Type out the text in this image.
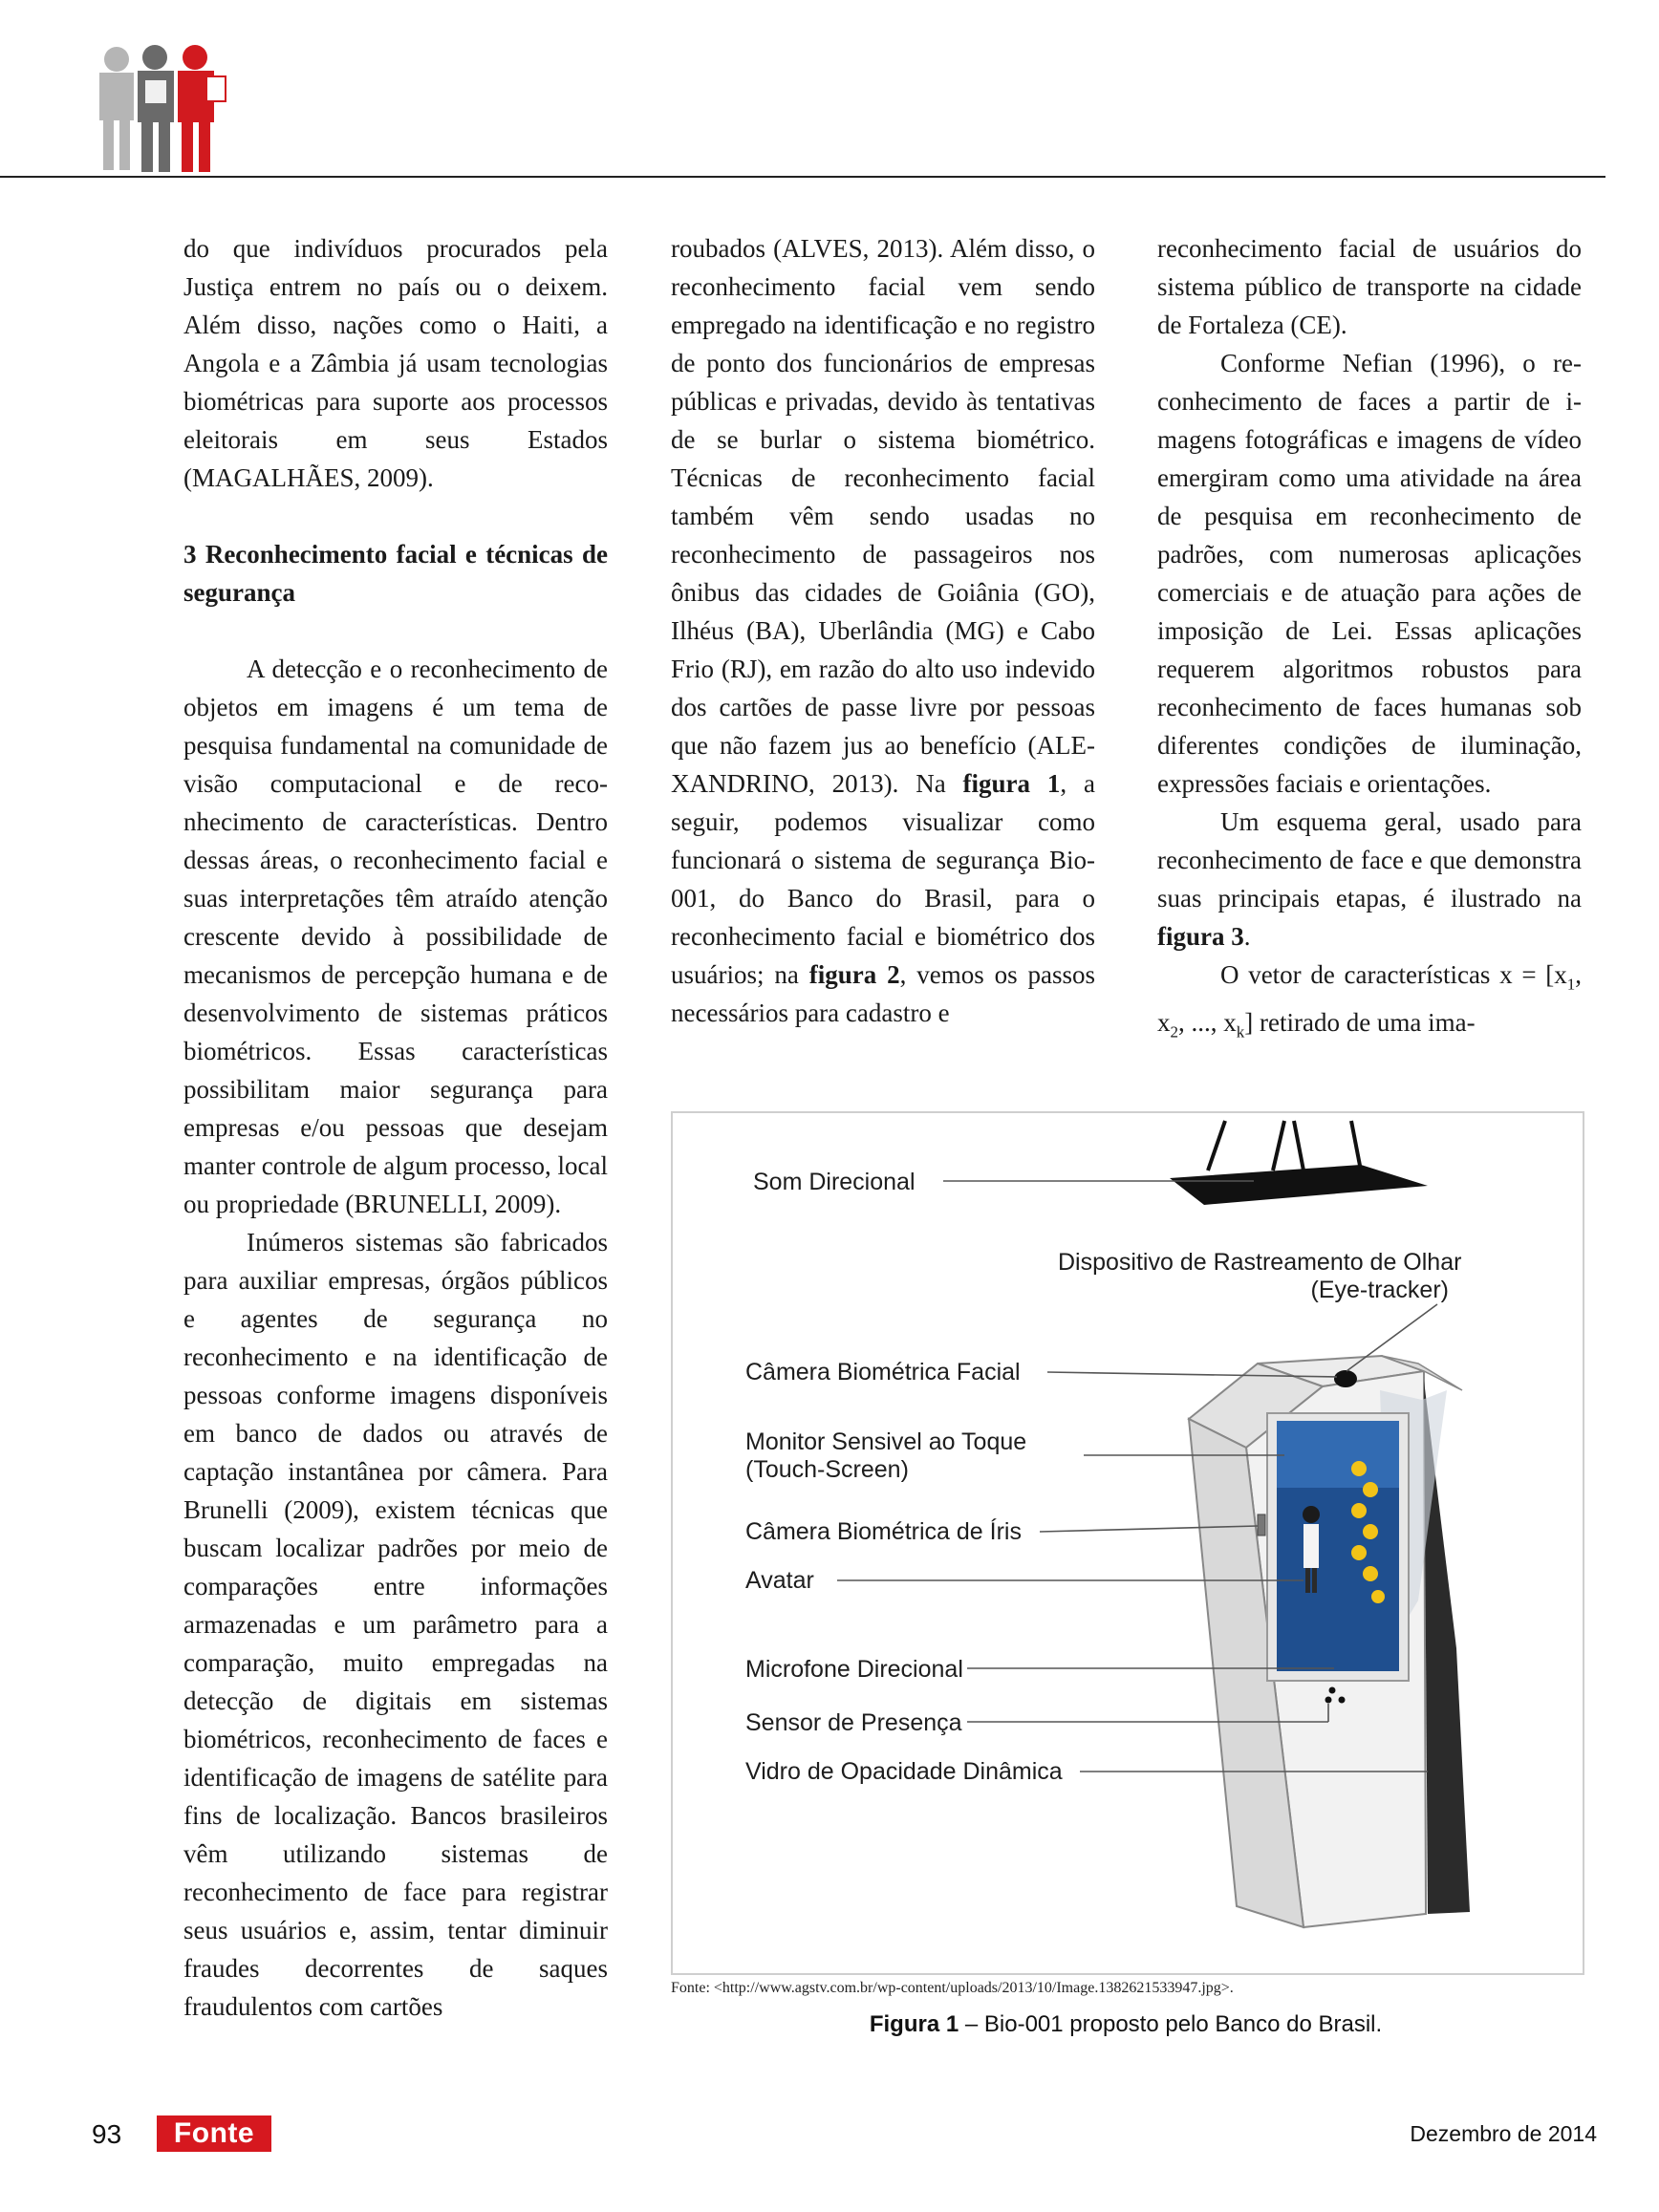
do que indivíduos procurados pela Justiça entrem no país ou o deixem. Além disso, nações como o Haiti, a Angola e a Zâmbia já usam tecnologias biométricas para suporte aos processos eleitorais em seus Estados (MAGALHÃES, 2009).

3 Reconhecimento facial e técnicas de segurança

A detecção e o reconhecimento de objetos em imagens é um tema de pesquisa fundamental na comunidade de visão computacional e de reconhecimento de características. Dentro dessas áreas, o reconhecimento facial e suas interpretações têm atraído atenção crescente devido à possibilidade de mecanismos de percepção humana e de desenvolvimento de sistemas práticos biométricos. Essas características possibilitam maior segurança para empresas e/ou pessoas que desejam manter controle de algum processo, local ou propriedade (BRUNELLI, 2009).

Inúmeros sistemas são fabricados para auxiliar empresas, órgãos públicos e agentes de segurança no reconhecimento e na identificação de pessoas conforme imagens disponíveis em banco de dados ou através de captação instantânea por câmera. Para Brunelli (2009), existem técnicas que buscam localizar padrões por meio de comparações entre informações armazenadas e um parâmetro para a comparação, muito empregadas na detecção de digitais em sistemas biométricos, reconhecimento de faces e identificação de imagens de satélite para fins de localização. Bancos brasileiros vêm utilizando sistemas de reconhecimento de face para registrar seus usuários e, assim, tentar diminuir fraudes decorrentes de saques fraudulentos com cartões

roubados (ALVES, 2013). Além disso, o reconhecimento facial vem sendo empregado na identificação e no registro de ponto dos funcionários de empresas públicas e privadas, devido às tentativas de se burlar o sistema biométrico. Técnicas de reconhecimento facial também vêm sendo usadas no reconhecimento de passageiros nos ônibus das cidades de Goiânia (GO), Ilhéus (BA), Uberlândia (MG) e Cabo Frio (RJ), em razão do alto uso indevido dos cartões de passe livre por pessoas que não fazem jus ao benefício (ALEXANDRINO, 2013). Na figura 1, a seguir, podemos visualizar como funcionará o sistema de segurança Bio-001, do Banco do Brasil, para o reconhecimento facial e biométrico dos usuários; na figura 2, vemos os passos necessários para cadastro e

reconhecimento facial de usuários do sistema público de transporte na cidade de Fortaleza (CE).

Conforme Nefian (1996), o reconhecimento de faces a partir de imagens fotográficas e imagens de vídeo emergiram como uma atividade na área de pesquisa em reconhecimento de padrões, com numerosas aplicações comerciais e de atuação para ações de imposição de Lei. Essas aplicações requerem algoritmos robustos para reconhecimento de faces humanas sob diferentes condições de iluminação, expressões faciais e orientações.

Um esquema geral, usado para reconhecimento de face e que demonstra suas principais etapas, é ilustrado na figura 3.

O vetor de características $x = [x_1$, $x_2$, ..., $x_k$] retirado de uma ima-

Som Direcional
Dispositivo de Rastreamento de Olhar
(Eye-tracker)
Câmera Biométrica Facial
Monitor Sensivel ao Toque
(Touch-Screen)
Câmera Biométrica de Íris
Avatar
Microfone Direcional
Sensor de Presença
Vidro de Opacidade Dinâmica
Fonte: <http://www.agstv.com.br/wp-content/uploads/2013/10/Image.1382621533947.jpg>.
Figura 1 – Bio-001 proposto pelo Banco do Brasil.
93	Fonte	Dezembro de 2014
